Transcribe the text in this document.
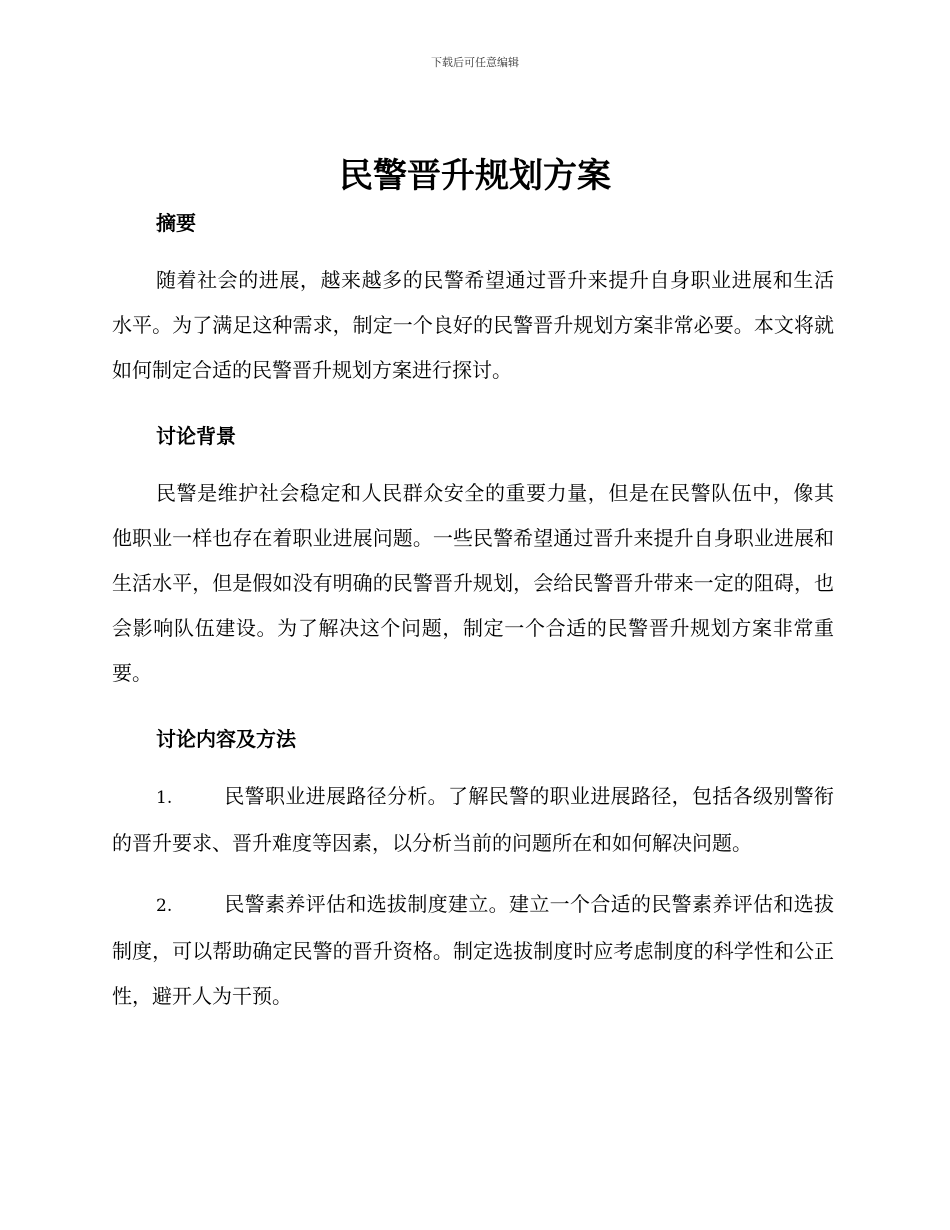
下载后可任意编辑
民警晋升规划方案
摘要

随着社会的进展，越来越多的民警希望通过晋升来提升自身职业进展和生活水平。为了满足这种需求，制定一个良好的民警晋升规划方案非常必要。本文将就如何制定合适的民警晋升规划方案进行探讨。

讨论背景

民警是维护社会稳定和人民群众安全的重要力量，但是在民警队伍中，像其他职业一样也存在着职业进展问题。一些民警希望通过晋升来提升自身职业进展和生活水平，但是假如没有明确的民警晋升规划，会给民警晋升带来一定的阻碍，也会影响队伍建设。为了解决这个问题，制定一个合适的民警晋升规划方案非常重要。

讨论内容及方法

1.	民警职业进展路径分析。了解民警的职业进展路径，包括各级别警衔的晋升要求、晋升难度等因素，以分析当前的问题所在和如何解决问题。

2.	民警素养评估和选拔制度建立。建立一个合适的民警素养评估和选拔制度，可以帮助确定民警的晋升资格。制定选拔制度时应考虑制度的科学性和公正性，避开人为干预。
